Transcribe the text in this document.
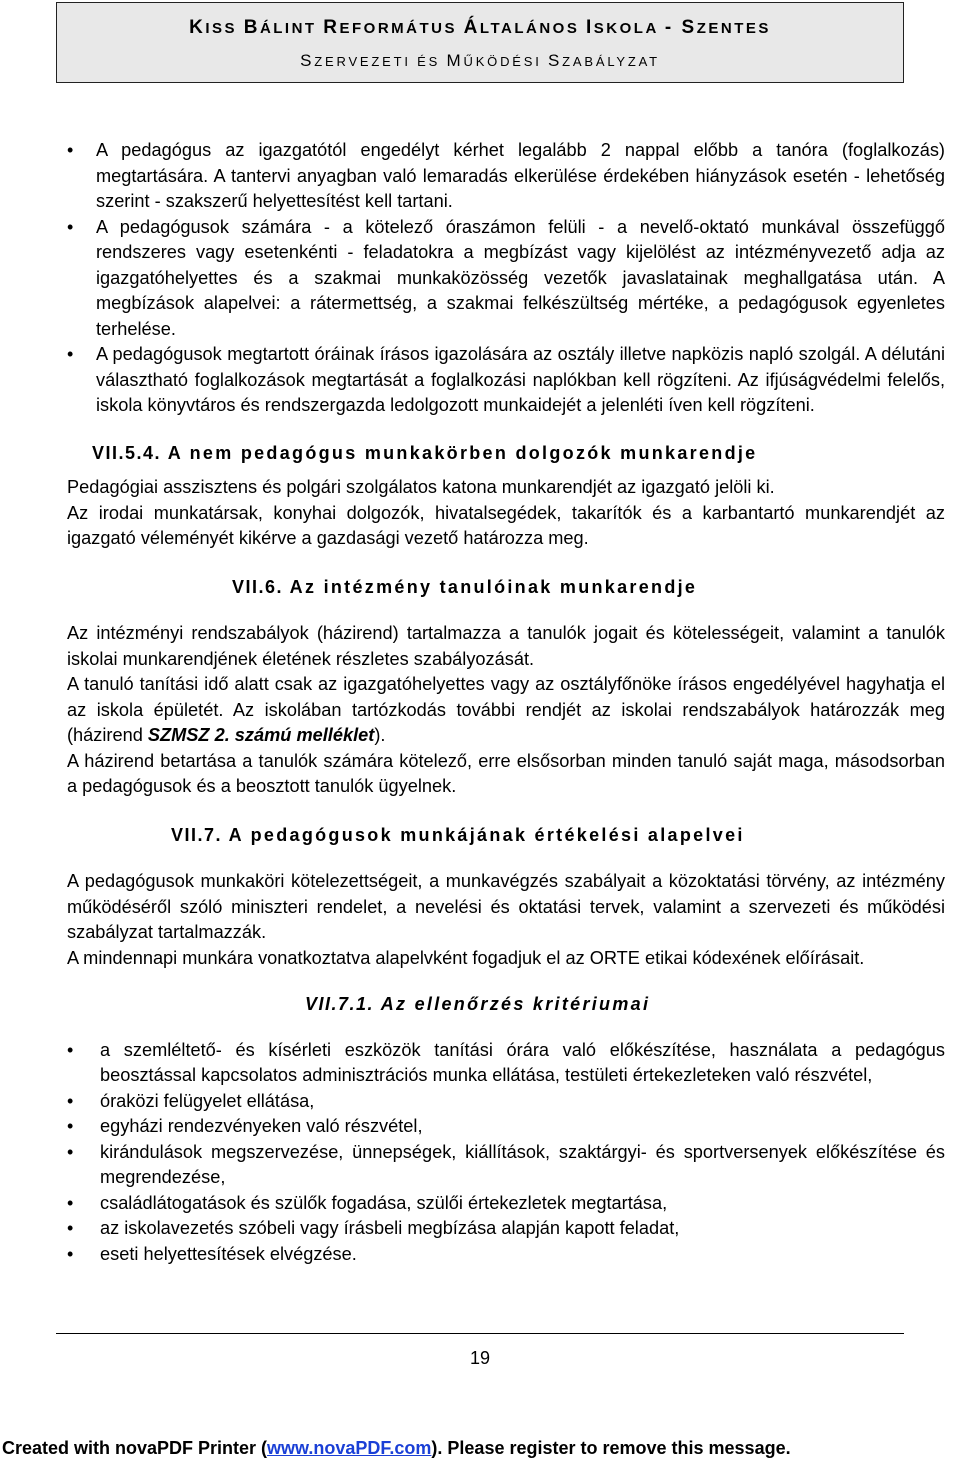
KISS BÁLINT REFORMÁTUS ÁLTALÁNOS ISKOLA - SZENTES
SZERVEZETI ÉS MŰKÖDÉSI SZABÁLYZAT
• A pedagógus az igazgatótól engedélyt kérhet legalább 2 nappal előbb a tanóra (foglalkozás) megtartására. A tantervi anyagban való lemaradás elkerülése érdekében hiányzások esetén - lehetőség szerint - szakszerű helyettesítést kell tartani.
• A pedagógusok számára - a kötelező óraszámon felüli - a nevelő-oktató munkával összefüggő rendszeres vagy esetenkénti - feladatokra a megbízást vagy kijelölést az intézményvezető adja az igazgatóhelyettes és a szakmai munkaközösség vezetők javaslatainak meghallgatása után. A megbízások alapelvei: a rátermettség, a szakmai felkészültség mértéke, a pedagógusok egyenletes terhelése.
• A pedagógusok megtartott óráinak írásos igazolására az osztály illetve napközis napló szolgál. A délutáni választható foglalkozások megtartását a foglalkozási naplókban kell rögzíteni. Az ifjúságvédelmi felelős, iskola könyvtáros és rendszergazda ledolgozott munkaidejét a jelenléti íven kell rögzíteni.
VII.5.4. A nem pedagógus munkakörben dolgozók munkarendje

Pedagógiai asszisztens és polgári szolgálatos katona munkarendjét az igazgató jelöli ki.

Az irodai munkatársak, konyhai dolgozók, hivatalsegédek, takarítók és a karbantartó munkarendjét az igazgató véleményét kikérve a gazdasági vezető határozza meg.

VII.6. Az intézmény tanulóinak munkarendje

Az intézményi rendszabályok (házirend) tartalmazza a tanulók jogait és kötelességeit, valamint a tanulók iskolai munkarendjének életének részletes szabályozását.

A tanuló tanítási idő alatt csak az igazgatóhelyettes vagy az osztályfőnöke írásos engedélyével hagyhatja el az iskola épületét. Az iskolában tartózkodás további rendjét az iskolai rendszabályok határozzák meg (házirend SZMSZ 2. számú melléklet).

A házirend betartása a tanulók számára kötelező, erre elsősorban minden tanuló saját maga, másodsorban a pedagógusok és a beosztott tanulók ügyelnek.

VII.7. A pedagógusok munkájának értékelési alapelvei

A pedagógusok munkaköri kötelezettségeit, a munkavégzés szabályait a közoktatási törvény, az intézmény működéséről szóló miniszteri rendelet, a nevelési és oktatási tervek, valamint a szervezeti és működési szabályzat tartalmazzák.

A mindennapi munkára vonatkoztatva alapelvként fogadjuk el az ORTE etikai kódexének előírásait.

VII.7.1. Az ellenőrzés kritériumai
• a szemléltető- és kísérleti eszközök tanítási órára való előkészítése, használata a pedagógus beosztással kapcsolatos adminisztrációs munka ellátása, testületi értekezleteken való részvétel,
• óraközi felügyelet ellátása,
• egyházi rendezvényeken való részvétel,
• kirándulások megszervezése, ünnepségek, kiállítások, szaktárgyi- és sportversenyek előkészítése és megrendezése,
• családlátogatások és szülők fogadása, szülői értekezletek megtartása,
• az iskolavezetés szóbeli vagy írásbeli megbízása alapján kapott feladat,
• eseti helyettesítések elvégzése.
19
Created with novaPDF Printer (www.novaPDF.com). Please register to remove this message.
